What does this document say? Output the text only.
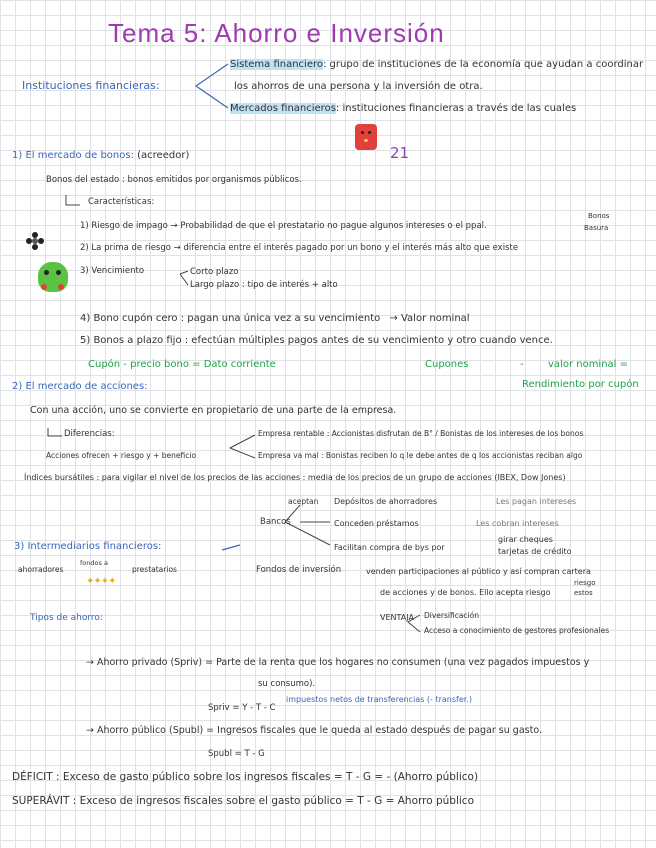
Tema 5: Ahorro e Inversión
Instituciones financieras:
Sistema financiero: grupo de instituciones de la economía que ayudan a coordinar
los ahorros de una persona y la inversión de otra.
Mercados financieros: instituciones financieras a través de las cuales
21
1) El mercado de bonos: (acreedor)
Bonos del estado : bonos emitidos por organismos públicos.
Características:
1) Riesgo de impago → Probabilidad de que el prestatario no pague algunos intereses o el ppal.
Bonos
Basura
2) La prima de riesgo → diferencia entre el interés pagado por un bono y el interés más alto que existe
3) Vencimiento	Corto plazo
Largo plazo : tipo de interés + alto
4) Bono cupón cero : pagan una única vez a su vencimiento → Valor nominal
5) Bonos a plazo fijo : efectúan múltiples pagos antes de su vencimiento y otro cuando vence.
Cupón - precio bono = Dato corriente	Cupones	- valor nominal =
2) El mercado de acciones:	Rendimiento por cupón
Con una acción, uno se convierte en propietario de una parte de la empresa.
Diferencias:
Acciones ofrecen + riesgo y + beneficio
Empresa rentable : Accionistas disfrutan de B° / Bonistas de los intereses de los bonos
Empresa va mal : Bonistas reciben lo q le debe antes de q los accionistas reciban algo
Índices bursátiles : para vigilar el nivel de los precios de las acciones : media de los precios de un grupo de acciones (IBEX, Dow Jones)
aceptan Depósitos de ahorradores	Les pagan intereses
Bancos	Conceden préstamos	Les cobran intereses
3) Intermediarios financieros:	Facilitan compra de bys por
girar cheques
tarjetas de crédito
ahorradores
fondos a
prestatarios
✦✦✦✦
Fondos de inversión	venden participaciones al público y así compran cartera
de acciones y de bonos. Ello acepta riesgo
riesgo
estos
Tipos de ahorro:	VENTAJA Diversificación
Acceso a conocimiento de gestores profesionales
→ Ahorro privado (Spriv) = Parte de la renta que los hogares no consumen (una vez pagados impuestos y
su consumo).
impuestos netos de transferencias (- transfer.)
Spriv = Y - T - C
→ Ahorro público (Spubl) = Ingresos fiscales que le queda al estado después de pagar su gasto.
Spubl = T - G
DÉFICIT : Exceso de gasto público sobre los ingresos fiscales = T - G = - (Ahorro público)
SUPERÁVIT : Exceso de ingresos fiscales sobre el gasto público = T - G = Ahorro público
